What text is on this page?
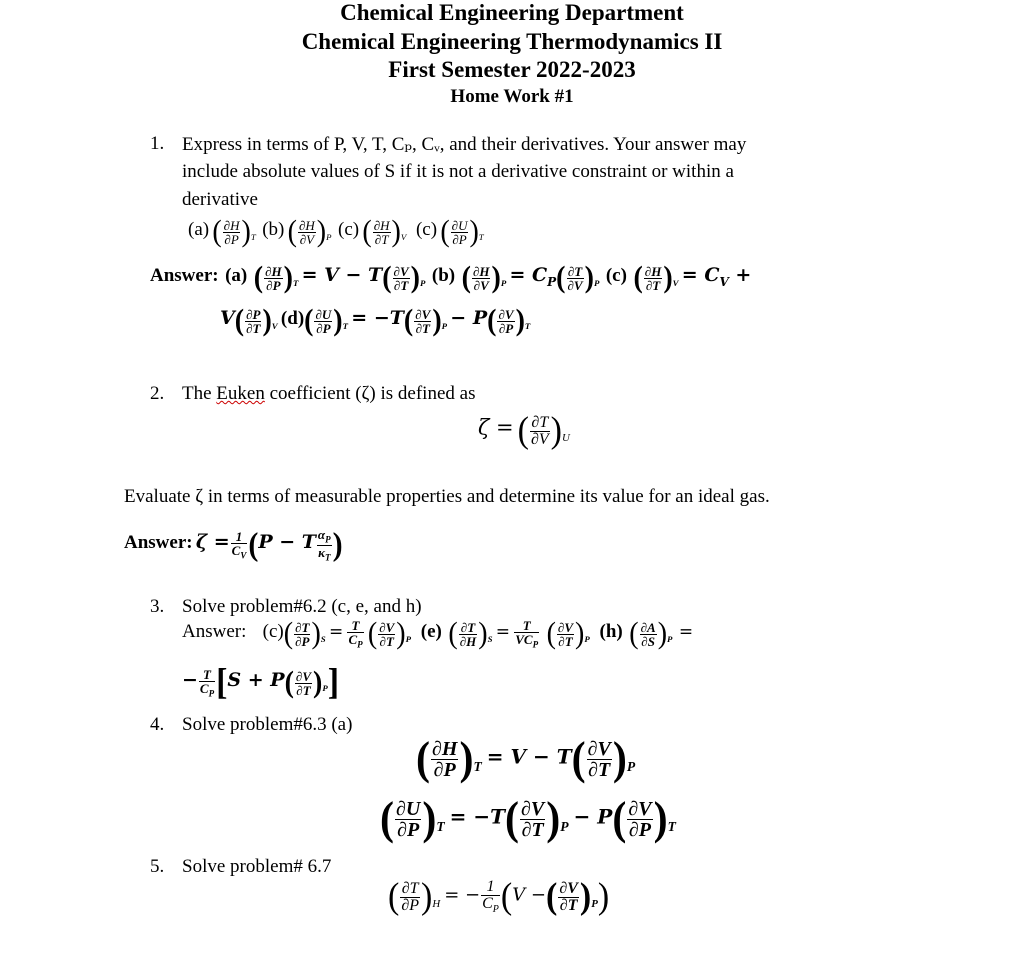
Chemical Engineering Department
Chemical Engineering Thermodynamics II
First Semester 2022-2023
Home Work #1
1. Express in terms of P, V, T, Cₚ, Cᵥ, and their derivatives. Your answer may
include absolute values of S if it is not a derivative constraint or within a
derivative
(a) ( $\frac{\partial H}{\partial P} )_T$ (b) ( $\frac{\partial H}{\partial V} )_P$ (c) ( $\frac{\partial H}{\partial T} )_V$ (c) ( $\frac{\partial U}{\partial P} )_T$
Answer: (a) ( $\frac{\partial H}{\partial P} )_T = V - T( \frac{\partial V}{\partial T} )_P$ (b) ( $\frac{\partial H}{\partial V} )_P = C_P( \frac{\partial T}{\partial V} )_P$ (c) ( $\frac{\partial H}{\partial T} )_V = C_V$ +
$V( \frac{\partial P}{\partial T} )_V$ $(d)( \frac{\partial U}{\partial P} )_T = -T( \frac{\partial V}{\partial T} )_P - P( \frac{\partial V}{\partial P} )_T$
2. The Euken coefficient (ζ) is defined as
ζ = ( $\frac{\partial T}{\partial V} )_U$
Evaluate ζ in terms of measurable properties and determine its value for an ideal gas.
Answer: $\zeta = \frac{1}{C_V} (P - T \frac{\alpha_P}{\kappa_T}$ )
3. Solve problem#6.2 (c, e, and h)
Answer: $(c)( \frac{\partial T}{\partial P} )_S = \frac{T}{C_P}$ ( $\frac{\partial V}{\partial T} )_P$ (e) ( $\frac{\partial T}{\partial H} )_S = \frac{T}{VC_P}$ ( $\frac{\partial V}{\partial T} )_P$ (h) ( $\frac{\partial A}{\partial S} )_P$ =
− $\frac{T}{C_P} [S + P( \frac{\partial V}{\partial T} )_P]$
4. Solve problem#6.3 (a)
( $\frac{\partial H}{\partial P} )_T = V - T( \frac{\partial V}{\partial T} )_P$
( $\frac{\partial U}{\partial P} )_T = -T( \frac{\partial V}{\partial T} )_P - P( \frac{\partial V}{\partial P} )_T$
5. Solve problem# 6.7
( $\frac{\partial T}{\partial P} )_H$ = − $\frac{1}{C_P} (V$ −( $\frac{\partial V}{\partial T} )_P$)
